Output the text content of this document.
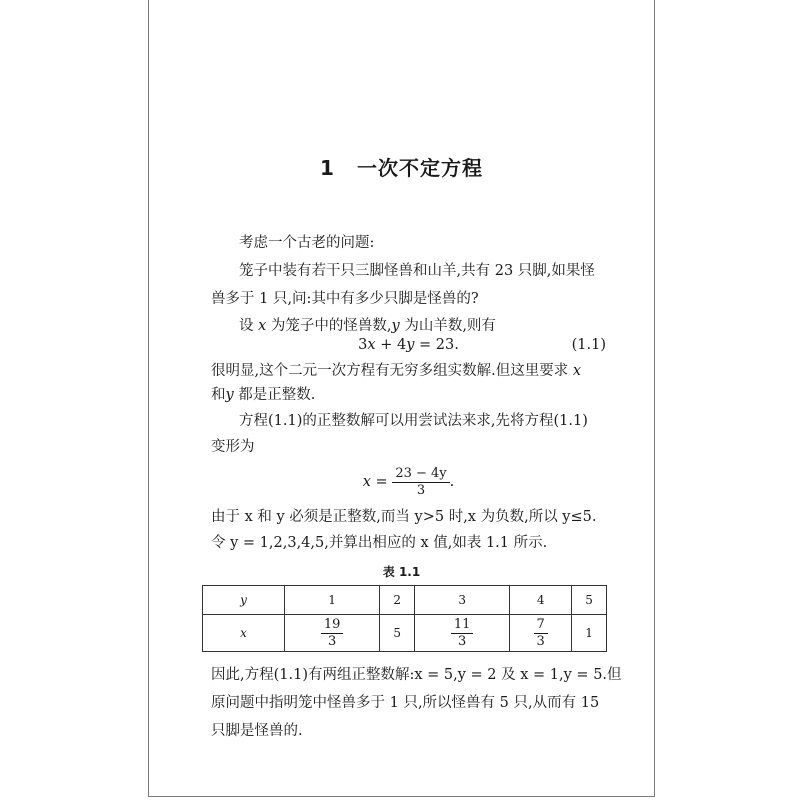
1 一次不定方程
考虑一个古老的问题:
笼子中装有若干只三脚怪兽和山羊,共有 23 只脚,如果怪
兽多于 1 只,问:其中有多少只脚是怪兽的?
设 x 为笼子中的怪兽数,y 为山羊数,则有
3x + 4y = 23.	(1.1)
很明显,这个二元一次方程有无穷多组实数解.但这里要求 x
和y 都是正整数.
方程(1.1)的正整数解可以用尝试法来求,先将方程(1.1)
变形为
$x = \frac{23 - 4y}{3}$ .
由于 x 和 y 必须是正整数,而当 y>5 时,x 为负数,所以 y≤5.
令 y = 1,2,3,4,5,并算出相应的 x 值,如表 1.1 所示.
表 1.1
y	1	2	3	4	5
x	$\frac{19}{3}$	5	$\frac{11}{3}$	$\frac{7}{3}$	1
因此,方程(1.1)有两组正整数解:x = 5,y = 2 及 x = 1,y = 5.但
原问题中指明笼中怪兽多于 1 只,所以怪兽有 5 只,从而有 15
只脚是怪兽的.
